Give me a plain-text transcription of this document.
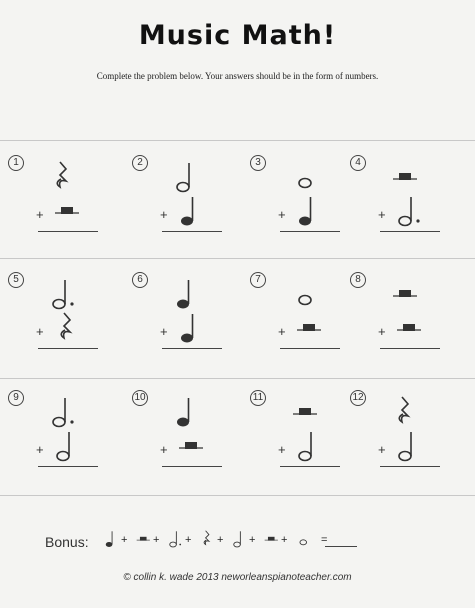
Music Math!
Complete the problem below. Your answers should be in the form of numbers.
1
+
2
+
3
+
4
+
5
+
6
+
7
+
8
+
9
+
10
+
11
+
12
+
Bonus:	+ + + + + +	=
© collin k. wade 2013 neworleanspianoteacher.com
